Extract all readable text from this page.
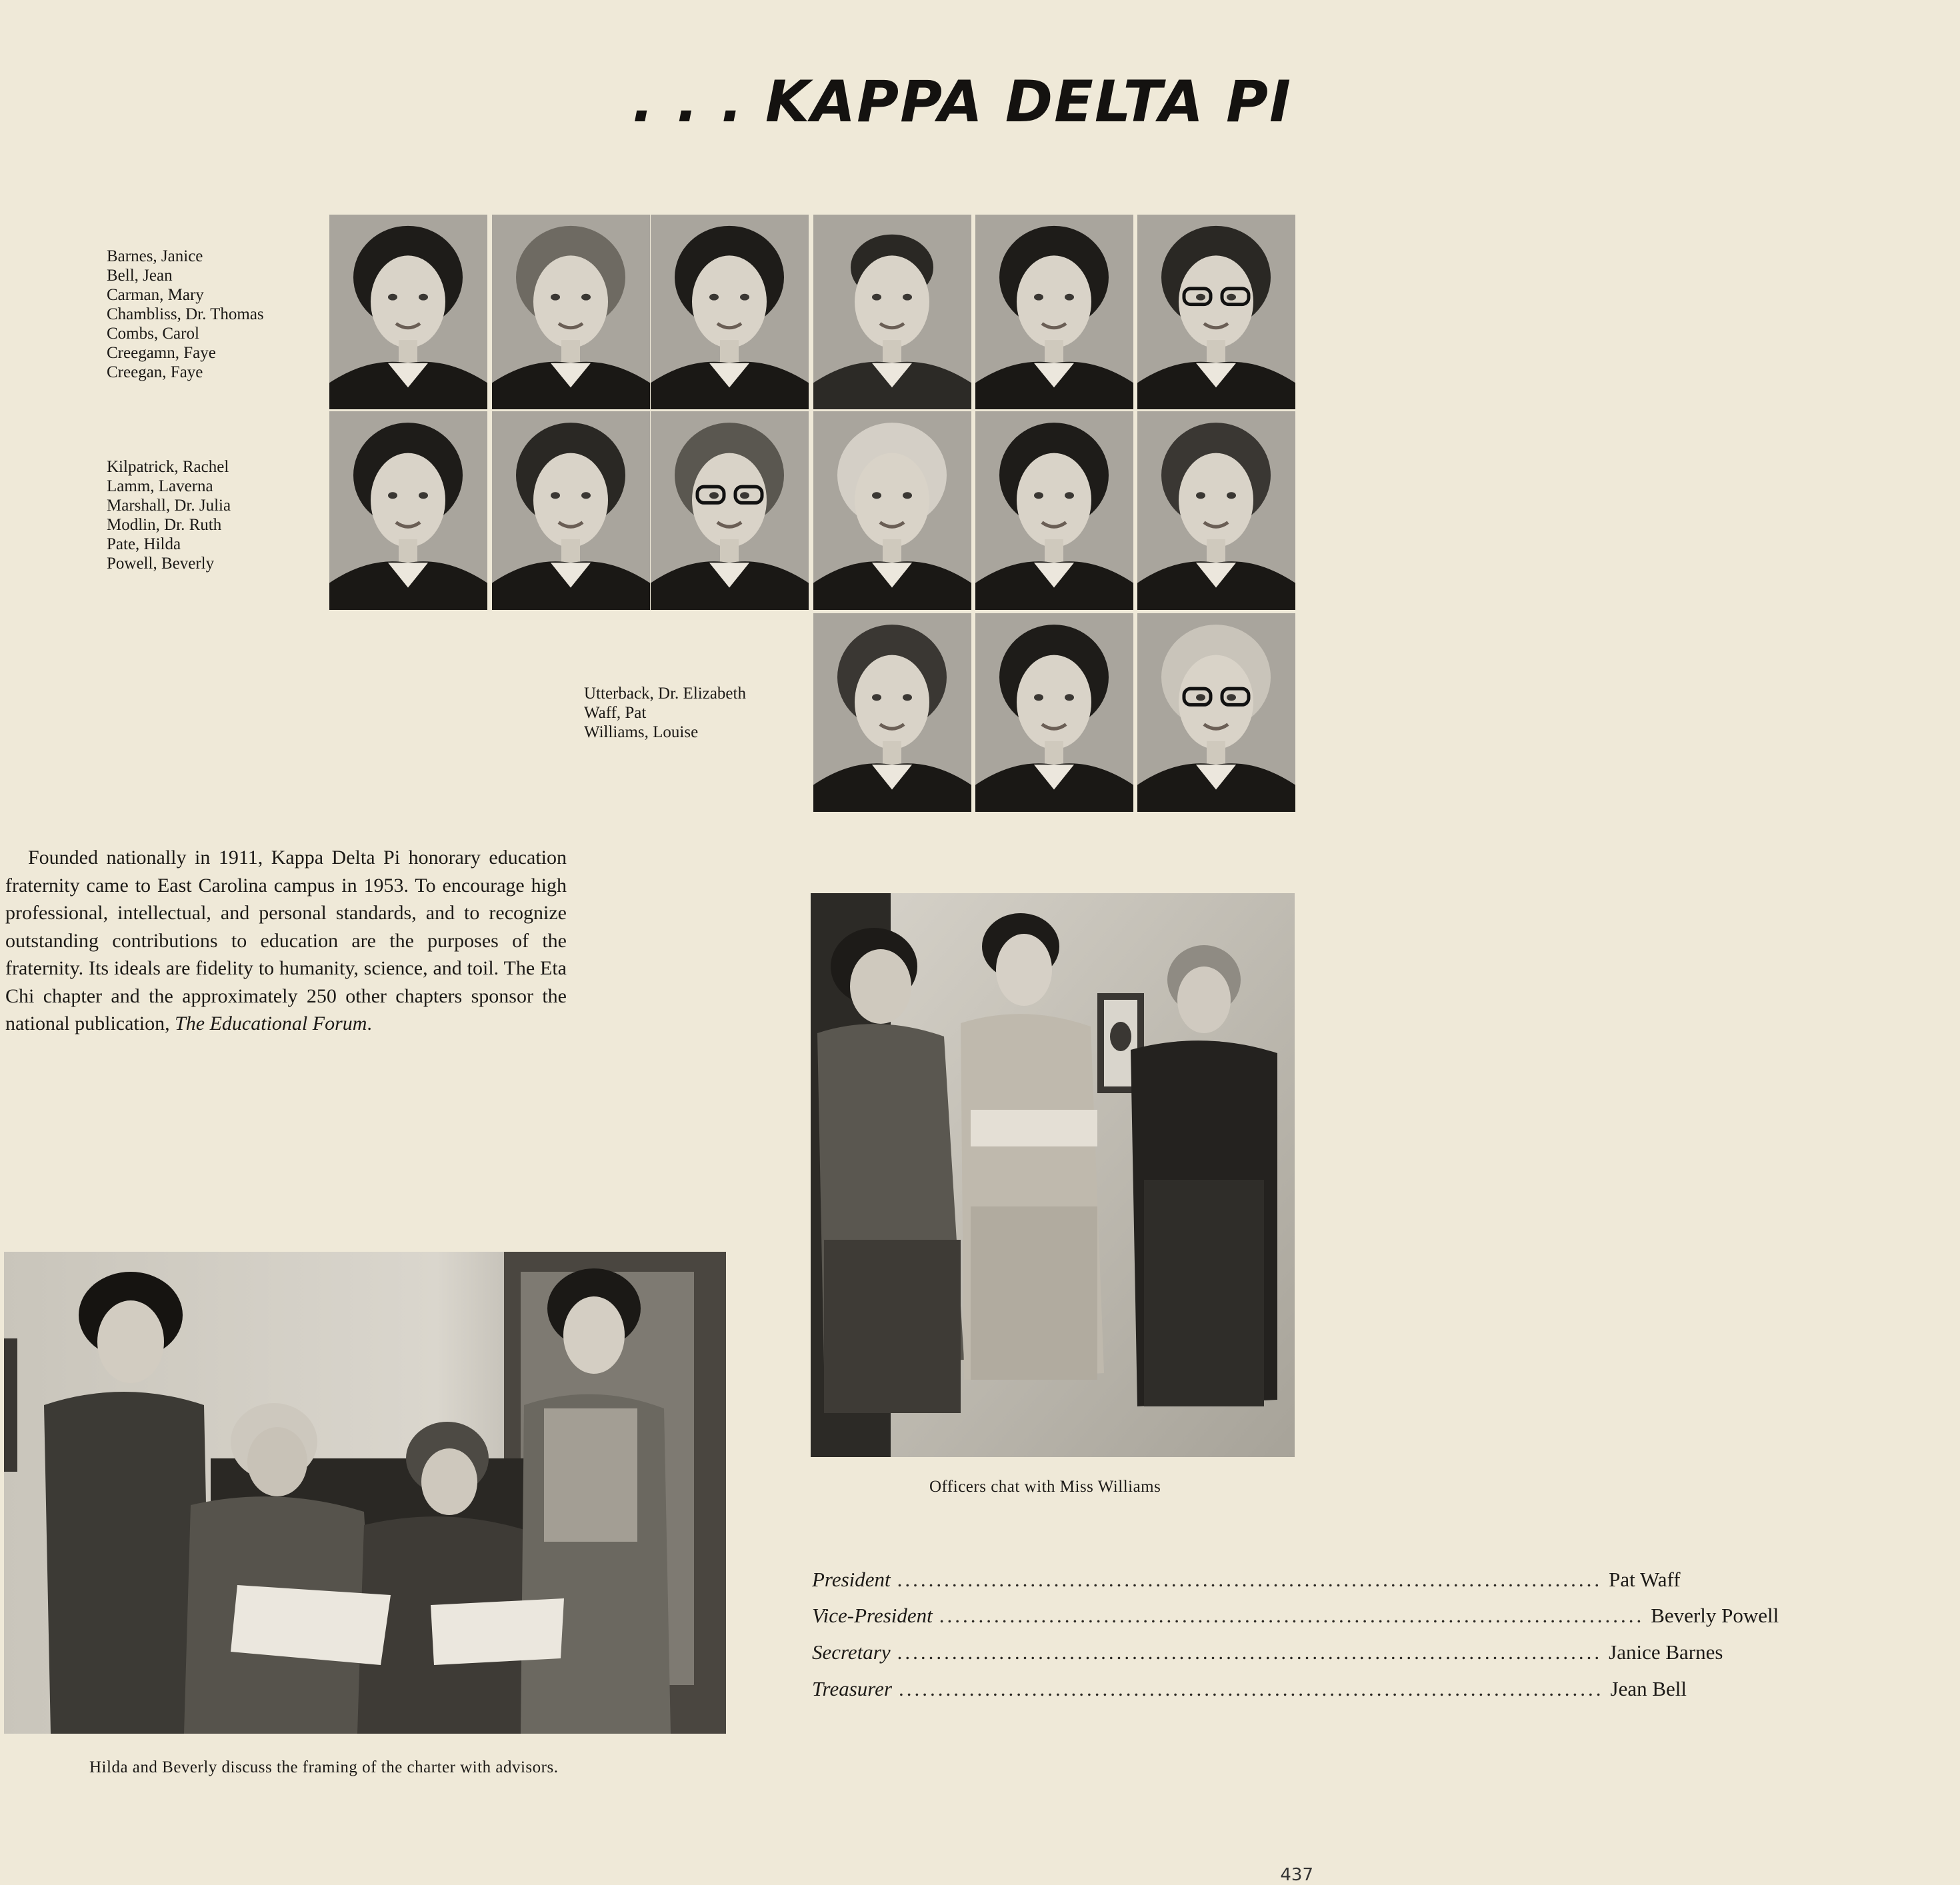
. . . KAPPA DELTA PI
Barnes, Janice
Bell, Jean
Carman, Mary
Chambliss, Dr. Thomas
Combs, Carol
Creegamn, Faye
Creegan, Faye
Kilpatrick, Rachel
Lamm, Laverna
Marshall, Dr. Julia
Modlin, Dr. Ruth
Pate, Hilda
Powell, Beverly
Utterback, Dr. Elizabeth
Waff, Pat
Williams, Louise

Founded nationally in 1911, Kappa Delta Pi honorary education fraternity came to East Carolina campus in 1953. To encourage high professional, intellectual, and personal standards, and to recognize outstanding contributions to education are the purposes of the fraternity. Its ideals are fidelity to humanity, science, and toil. The Eta Chi chapter and the approximately 250 other chapters sponsor the national publication, The Educational Forum.

Officers chat with Miss Williams
Hilda and Beverly discuss the framing of the charter with advisors.
President .......................................................................................... Pat Waff
Vice-President .......................................................................................... Beverly Powell
Secretary .......................................................................................... Janice Barnes
Treasurer .......................................................................................... Jean Bell
437
